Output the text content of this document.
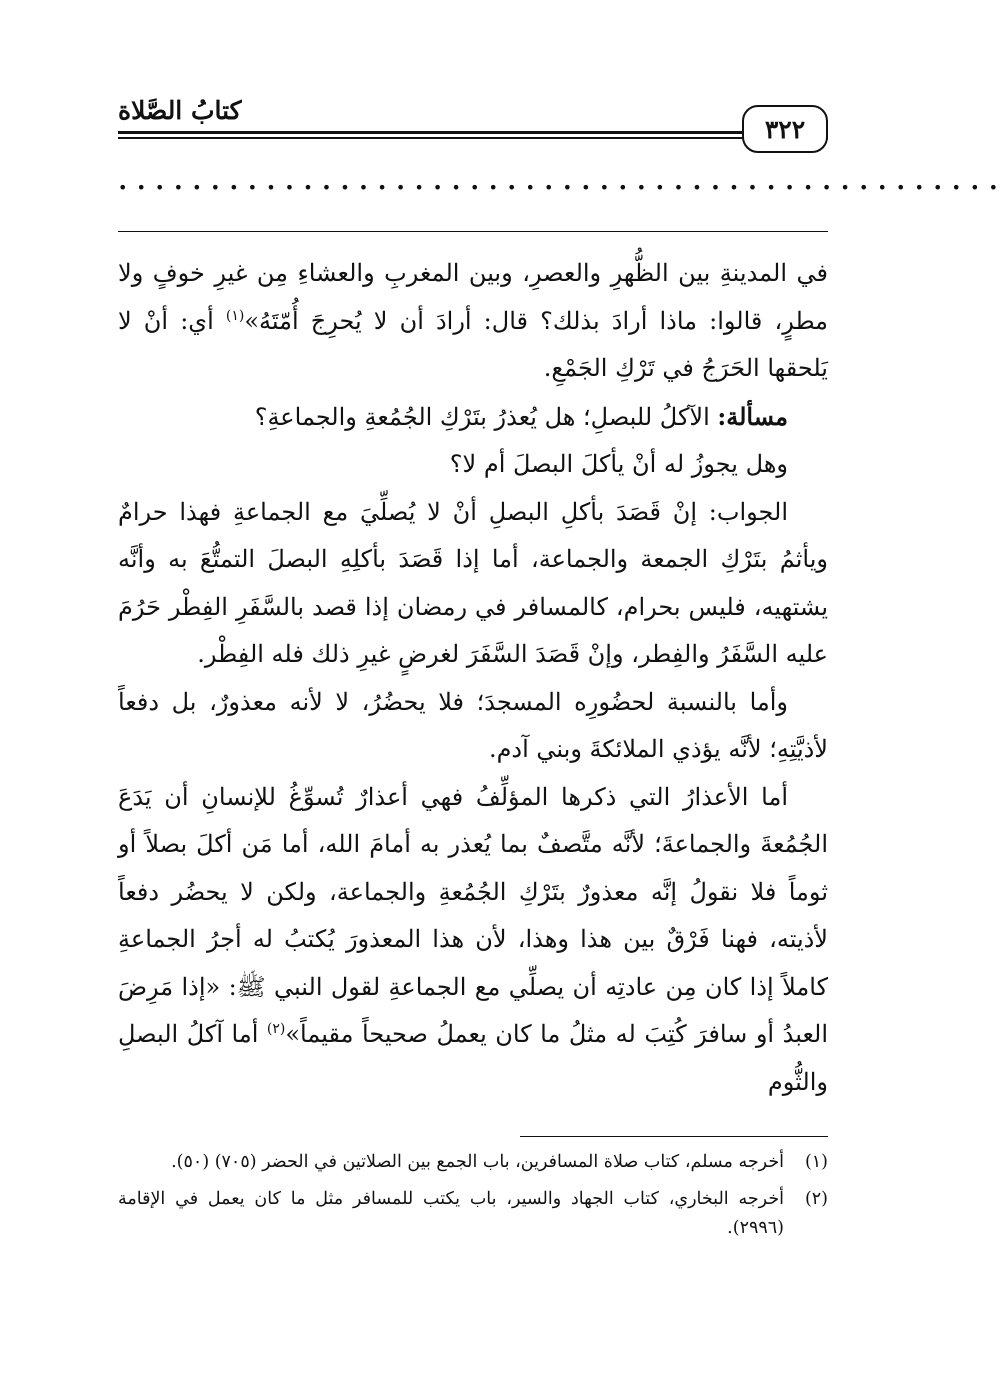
كتابُ الصَّلاة
٣٢٢
• • • • • • • • • • • • • • • • • • • • • • • • • • • • • • • • • • • • • • • • • • • • • • • •

في المدينةِ بين الظُّهرِ والعصرِ، وبين المغربِ والعشاءِ مِن غيرِ خوفٍ ولا مطرٍ، قالوا: ماذا أرادَ بذلك؟ قال: أرادَ أن لا يُحرِجَ أُمّتَهُ»$^{(١)}$ أي: أنْ لا يَلحقها الحَرَجُ في تَرْكِ الجَمْعِ.

مسألة: الآكلُ للبصلِ؛ هل يُعذرُ بتَرْكِ الجُمُعةِ والجماعةِ؟

وهل يجوزُ له أنْ يأكلَ البصلَ أم لا؟

الجواب: إنْ قَصَدَ بأكلِ البصلِ أنْ لا يُصلِّيَ مع الجماعةِ فهذا حرامٌ ويأثمُ بتَرْكِ الجمعة والجماعة، أما إذا قَصَدَ بأكلِهِ البصلَ التمتُّعَ به وأنَّه يشتهيه، فليس بحرام، كالمسافر في رمضان إذا قصد بالسَّفَرِ الفِطْر حَرُمَ عليه السَّفَرُ والفِطر، وإنْ قَصَدَ السَّفَرَ لغرضٍ غيرِ ذلك فله الفِطْر.

وأما بالنسبة لحضُورِه المسجدَ؛ فلا يحضُرُ، لا لأنه معذورٌ، بل دفعاً لأذيَّتِهِ؛ لأنَّه يؤذي الملائكةَ وبني آدم.

أما الأعذارُ التي ذكرها المؤلِّفُ فهي أعذارٌ تُسوِّغُ للإنسانِ أن يَدَعَ الجُمُعةَ والجماعةَ؛ لأنَّه متَّصفٌ بما يُعذر به أمامَ الله، أما مَن أكلَ بصلاً أو ثوماً فلا نقولُ إنَّه معذورٌ بتَرْكِ الجُمُعةِ والجماعة، ولكن لا يحضُر دفعاً لأذيته، فهنا فَرْقٌ بين هذا وهذا، لأن هذا المعذورَ يُكتبُ له أجرُ الجماعةِ كاملاً إذا كان مِن عادتِه أن يصلِّي مع الجماعةِ لقول النبي ﷺ: «إذا مَرِضَ العبدُ أو سافرَ كُتِبَ له مثلُ ما كان يعملُ صحيحاً مقيماً»$^{(٢)}$ أما آكلُ البصلِ والثُّوم

(١)
أخرجه مسلم، كتاب صلاة المسافرين، باب الجمع بين الصلاتين في الحضر (٧٠٥) (٥٠).
(٢)
أخرجه البخاري، كتاب الجهاد والسير، باب يكتب للمسافر مثل ما كان يعمل في الإقامة (٢٩٩٦).
